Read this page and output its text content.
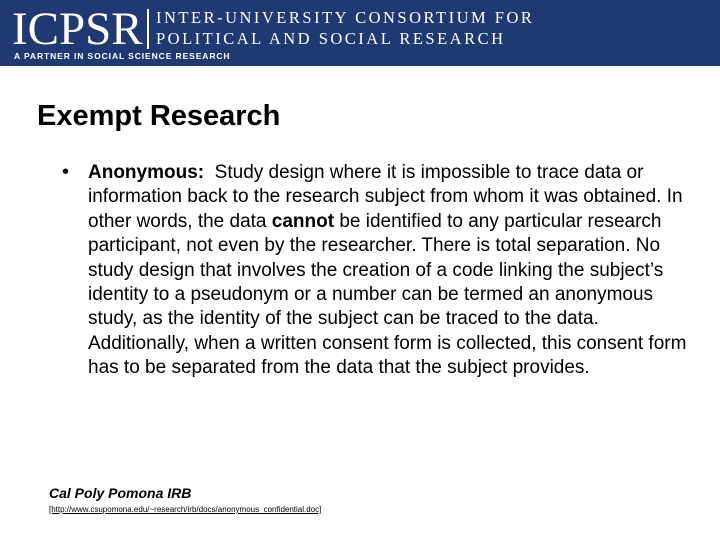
ICPSR INTER-UNIVERSITY CONSORTIUM FOR
POLITICAL AND SOCIAL RESEARCH
A PARTNER IN SOCIAL SCIENCE RESEARCH
Exempt Research
• Anonymous: Study design where it is impossible to trace data or information back to the research subject from whom it was obtained. In other words, the data cannot be identified to any particular research participant, not even by the researcher. There is total separation. No study design that involves the creation of a code linking the subject’s identity to a pseudonym or a number can be termed an anonymous study, as the identity of the subject can be traced to the data. Additionally, when a written consent form is collected, this consent form has to be separated from the data that the subject provides.
Cal Poly Pomona IRB
[http://www.csupomona.edu/~research/irb/docs/anonymous_confidential.doc]
